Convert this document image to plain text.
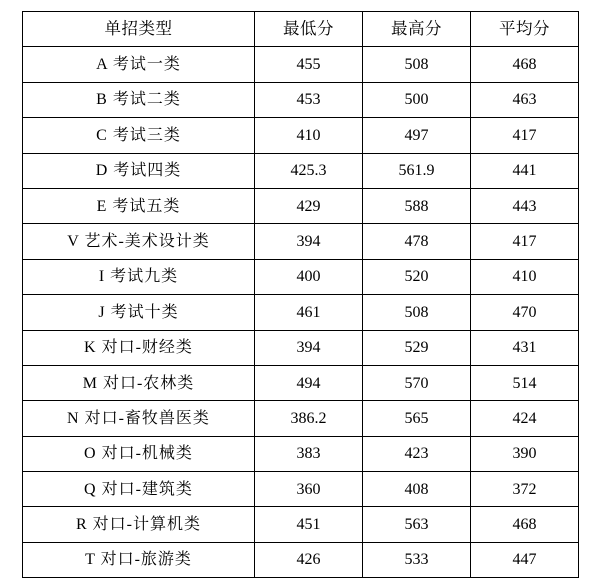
单招类型	最低分	最高分	平均分
A 考试一类	455	508	468
B 考试二类	453	500	463
C 考试三类	410	497	417
D 考试四类	425.3	561.9	441
E 考试五类	429	588	443
V 艺术-美术设计类	394	478	417
I 考试九类	400	520	410
J 考试十类	461	508	470
K 对口-财经类	394	529	431
M 对口-农林类	494	570	514
N 对口-畜牧兽医类	386.2	565	424
O 对口-机械类	383	423	390
Q 对口-建筑类	360	408	372
R 对口-计算机类	451	563	468
T 对口-旅游类	426	533	447
